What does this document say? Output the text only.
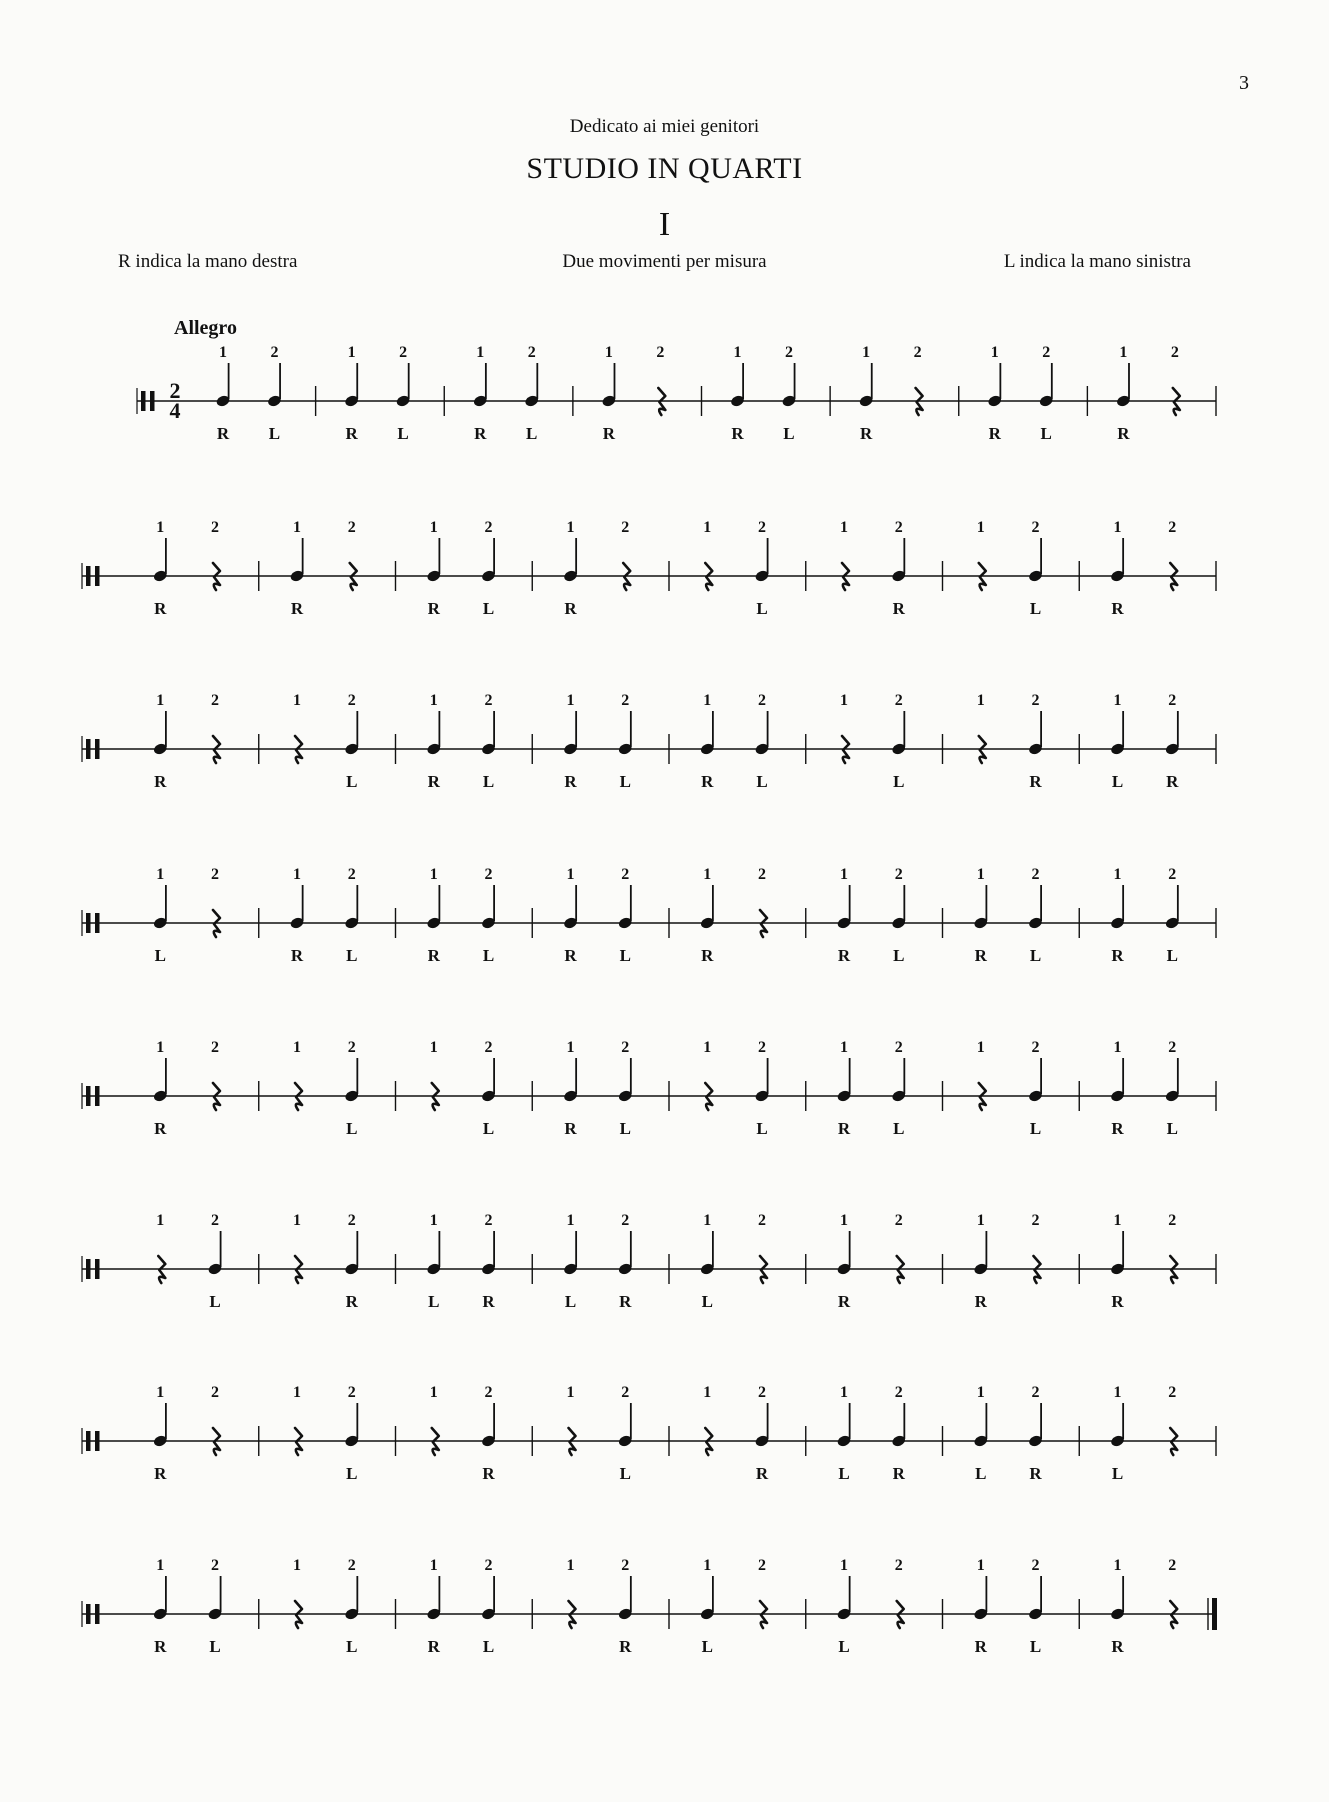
3
Dedicato ai miei genitori
STUDIO IN QUARTI
I
R indica la mano destra	Due movimenti per misura	L indica la mano sinistra
Allegro
2
4
1
R
2
L
1
R
2
L
1
R
2
L
1
R
2	1
R
2
L
1
R
2	1
R
2
L
1
R
2
1
R
2	1
R
2	1
R
2
L
1
R
2	1	2
L
1	2
R
1	2
L
1
R
2
1
R
2	1	2
L
1
R
2
L
1
R
2
L
1
R
2
L
1	2
L
1	2
R
1
L
2
R
1
L
2	1
R
2
L
1
R
2
L
1
R
2
L
1
R
2	1
R
2
L
1
R
2
L
1
R
2
L
1
R
2	1	2
L
1	2
L
1
R
2
L
1	2
L
1
R
2
L
1	2
L
1
R
2
L
1	2
L
1	2
R
1
L
2
R
1
L
2
R
1
L
2	1
R
2	1
R
2	1
R
2
1
R
2	1	2
L
1	2
R
1	2
L
1	2
R
1
L
2
R
1
L
2
R
1
L
2
1
R
2
L
1	2
L
1
R
2
L
1	2
R
1
L
2	1
L
2	1
R
2
L
1
R
2
